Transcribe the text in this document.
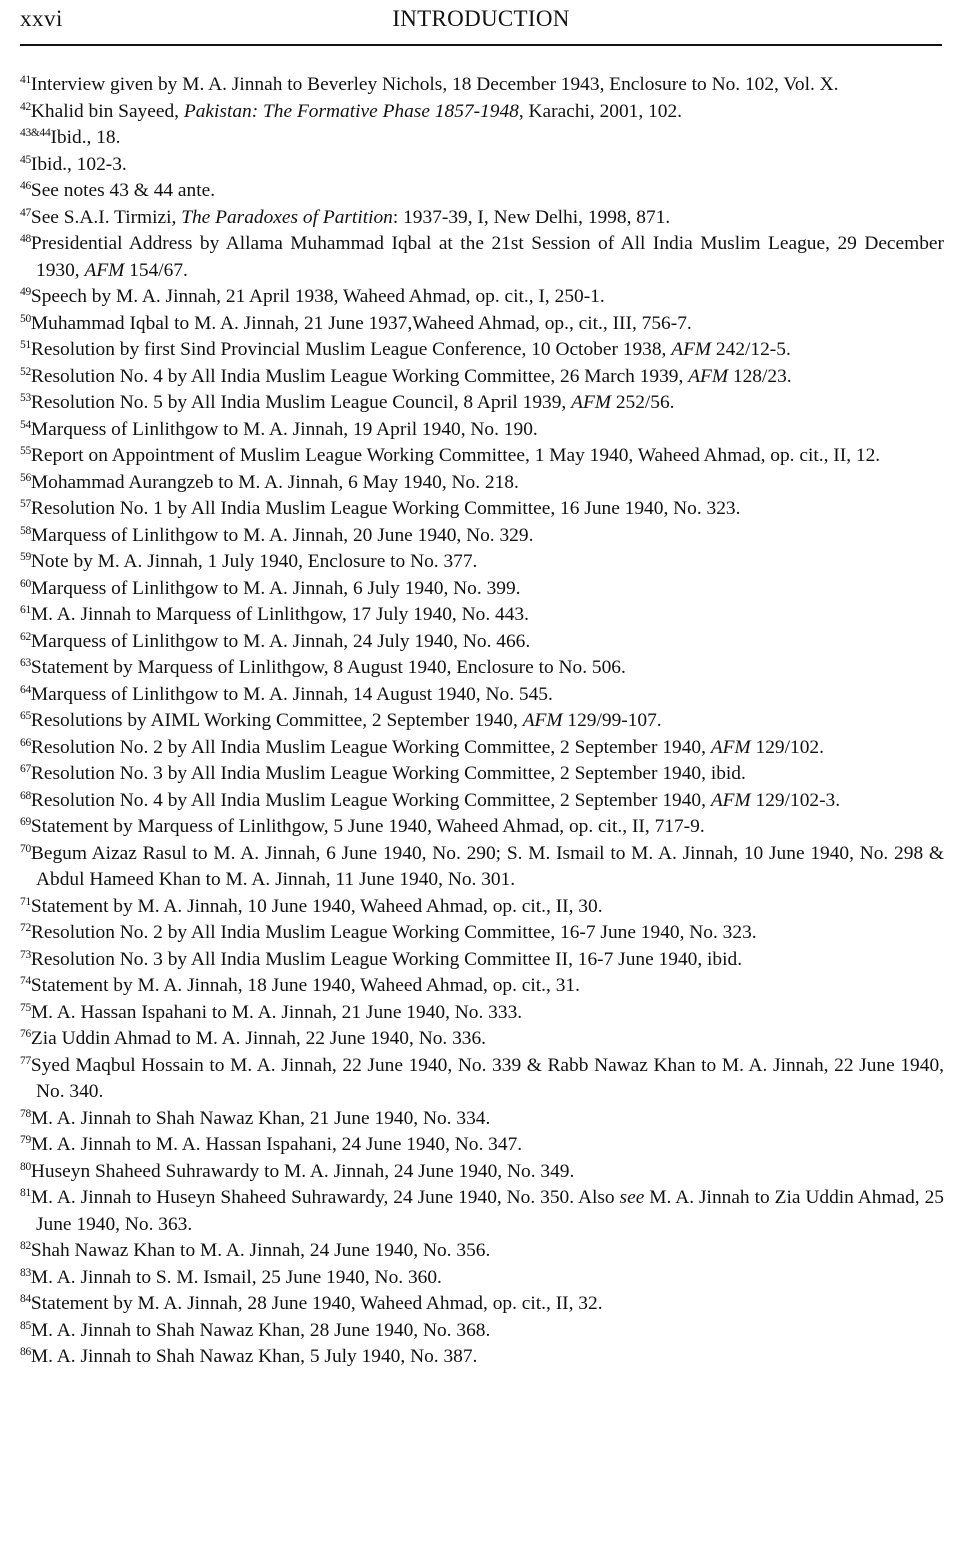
xxvi	INTRODUCTION
$^{41}$Interview given by M. A. Jinnah to Beverley Nichols, 18 December 1943, Enclosure to No. 102, Vol. X.
$^{42}$Khalid bin Sayeed, Pakistan: The Formative Phase 1857-1948, Karachi, 2001, 102.
$^{43\&44}$Ibid., 18.
$^{45}$Ibid., 102-3.
$^{46}$See notes 43 & 44 ante.
$^{47}$See S.A.I. Tirmizi, The Paradoxes of Partition: 1937-39, I, New Delhi, 1998, 871.
$^{48}$Presidential Address by Allama Muhammad Iqbal at the 21st Session of All India Muslim League, 29 December 1930, AFM 154/67.
$^{49}$Speech by M. A. Jinnah, 21 April 1938, Waheed Ahmad, op. cit., I, 250-1.
$^{50}$Muhammad Iqbal to M. A. Jinnah, 21 June 1937,Waheed Ahmad, op., cit., III, 756-7.
$^{51}$Resolution by first Sind Provincial Muslim League Conference, 10 October 1938, AFM 242/12-5.
$^{52}$Resolution No. 4 by All India Muslim League Working Committee, 26 March 1939, AFM 128/23.
$^{53}$Resolution No. 5 by All India Muslim League Council, 8 April 1939, AFM 252/56.
$^{54}$Marquess of Linlithgow to M. A. Jinnah, 19 April 1940, No. 190.
$^{55}$Report on Appointment of Muslim League Working Committee, 1 May 1940, Waheed Ahmad, op. cit., II, 12.
$^{56}$Mohammad Aurangzeb to M. A. Jinnah, 6 May 1940, No. 218.
$^{57}$Resolution No. 1 by All India Muslim League Working Committee, 16 June 1940, No. 323.
$^{58}$Marquess of Linlithgow to M. A. Jinnah, 20 June 1940, No. 329.
$^{59}$Note by M. A. Jinnah, 1 July 1940, Enclosure to No. 377.
$^{60}$Marquess of Linlithgow to M. A. Jinnah, 6 July 1940, No. 399.
$^{61}$M. A. Jinnah to Marquess of Linlithgow, 17 July 1940, No. 443.
$^{62}$Marquess of Linlithgow to M. A. Jinnah, 24 July 1940, No. 466.
$^{63}$Statement by Marquess of Linlithgow, 8 August 1940, Enclosure to No. 506.
$^{64}$Marquess of Linlithgow to M. A. Jinnah, 14 August 1940, No. 545.
$^{65}$Resolutions by AIML Working Committee, 2 September 1940, AFM 129/99-107.
$^{66}$Resolution No. 2 by All India Muslim League Working Committee, 2 September 1940, AFM 129/102.
$^{67}$Resolution No. 3 by All India Muslim League Working Committee, 2 September 1940, ibid.
$^{68}$Resolution No. 4 by All India Muslim League Working Committee, 2 September 1940, AFM 129/102-3.
$^{69}$Statement by Marquess of Linlithgow, 5 June 1940, Waheed Ahmad, op. cit., II, 717-9.
$^{70}$Begum Aizaz Rasul to M. A. Jinnah, 6 June 1940, No. 290; S. M. Ismail to M. A. Jinnah, 10 June 1940, No. 298 & Abdul Hameed Khan to M. A. Jinnah, 11 June 1940, No. 301.
$^{71}$Statement by M. A. Jinnah, 10 June 1940, Waheed Ahmad, op. cit., II, 30.
$^{72}$Resolution No. 2 by All India Muslim League Working Committee, 16-7 June 1940, No. 323.
$^{73}$Resolution No. 3 by All India Muslim League Working Committee II, 16-7 June 1940, ibid.
$^{74}$Statement by M. A. Jinnah, 18 June 1940, Waheed Ahmad, op. cit., 31.
$^{75}$M. A. Hassan Ispahani to M. A. Jinnah, 21 June 1940, No. 333.
$^{76}$Zia Uddin Ahmad to M. A. Jinnah, 22 June 1940, No. 336.
$^{77}$Syed Maqbul Hossain to M. A. Jinnah, 22 June 1940, No. 339 & Rabb Nawaz Khan to M. A. Jinnah, 22 June 1940, No. 340.
$^{78}$M. A. Jinnah to Shah Nawaz Khan, 21 June 1940, No. 334.
$^{79}$M. A. Jinnah to M. A. Hassan Ispahani, 24 June 1940, No. 347.
$^{80}$Huseyn Shaheed Suhrawardy to M. A. Jinnah, 24 June 1940, No. 349.
$^{81}$M. A. Jinnah to Huseyn Shaheed Suhrawardy, 24 June 1940, No. 350. Also see M. A. Jinnah to Zia Uddin Ahmad, 25 June 1940, No. 363.
$^{82}$Shah Nawaz Khan to M. A. Jinnah, 24 June 1940, No. 356.
$^{83}$M. A. Jinnah to S. M. Ismail, 25 June 1940, No. 360.
$^{84}$Statement by M. A. Jinnah, 28 June 1940, Waheed Ahmad, op. cit., II, 32.
$^{85}$M. A. Jinnah to Shah Nawaz Khan, 28 June 1940, No. 368.
$^{86}$M. A. Jinnah to Shah Nawaz Khan, 5 July 1940, No. 387.
